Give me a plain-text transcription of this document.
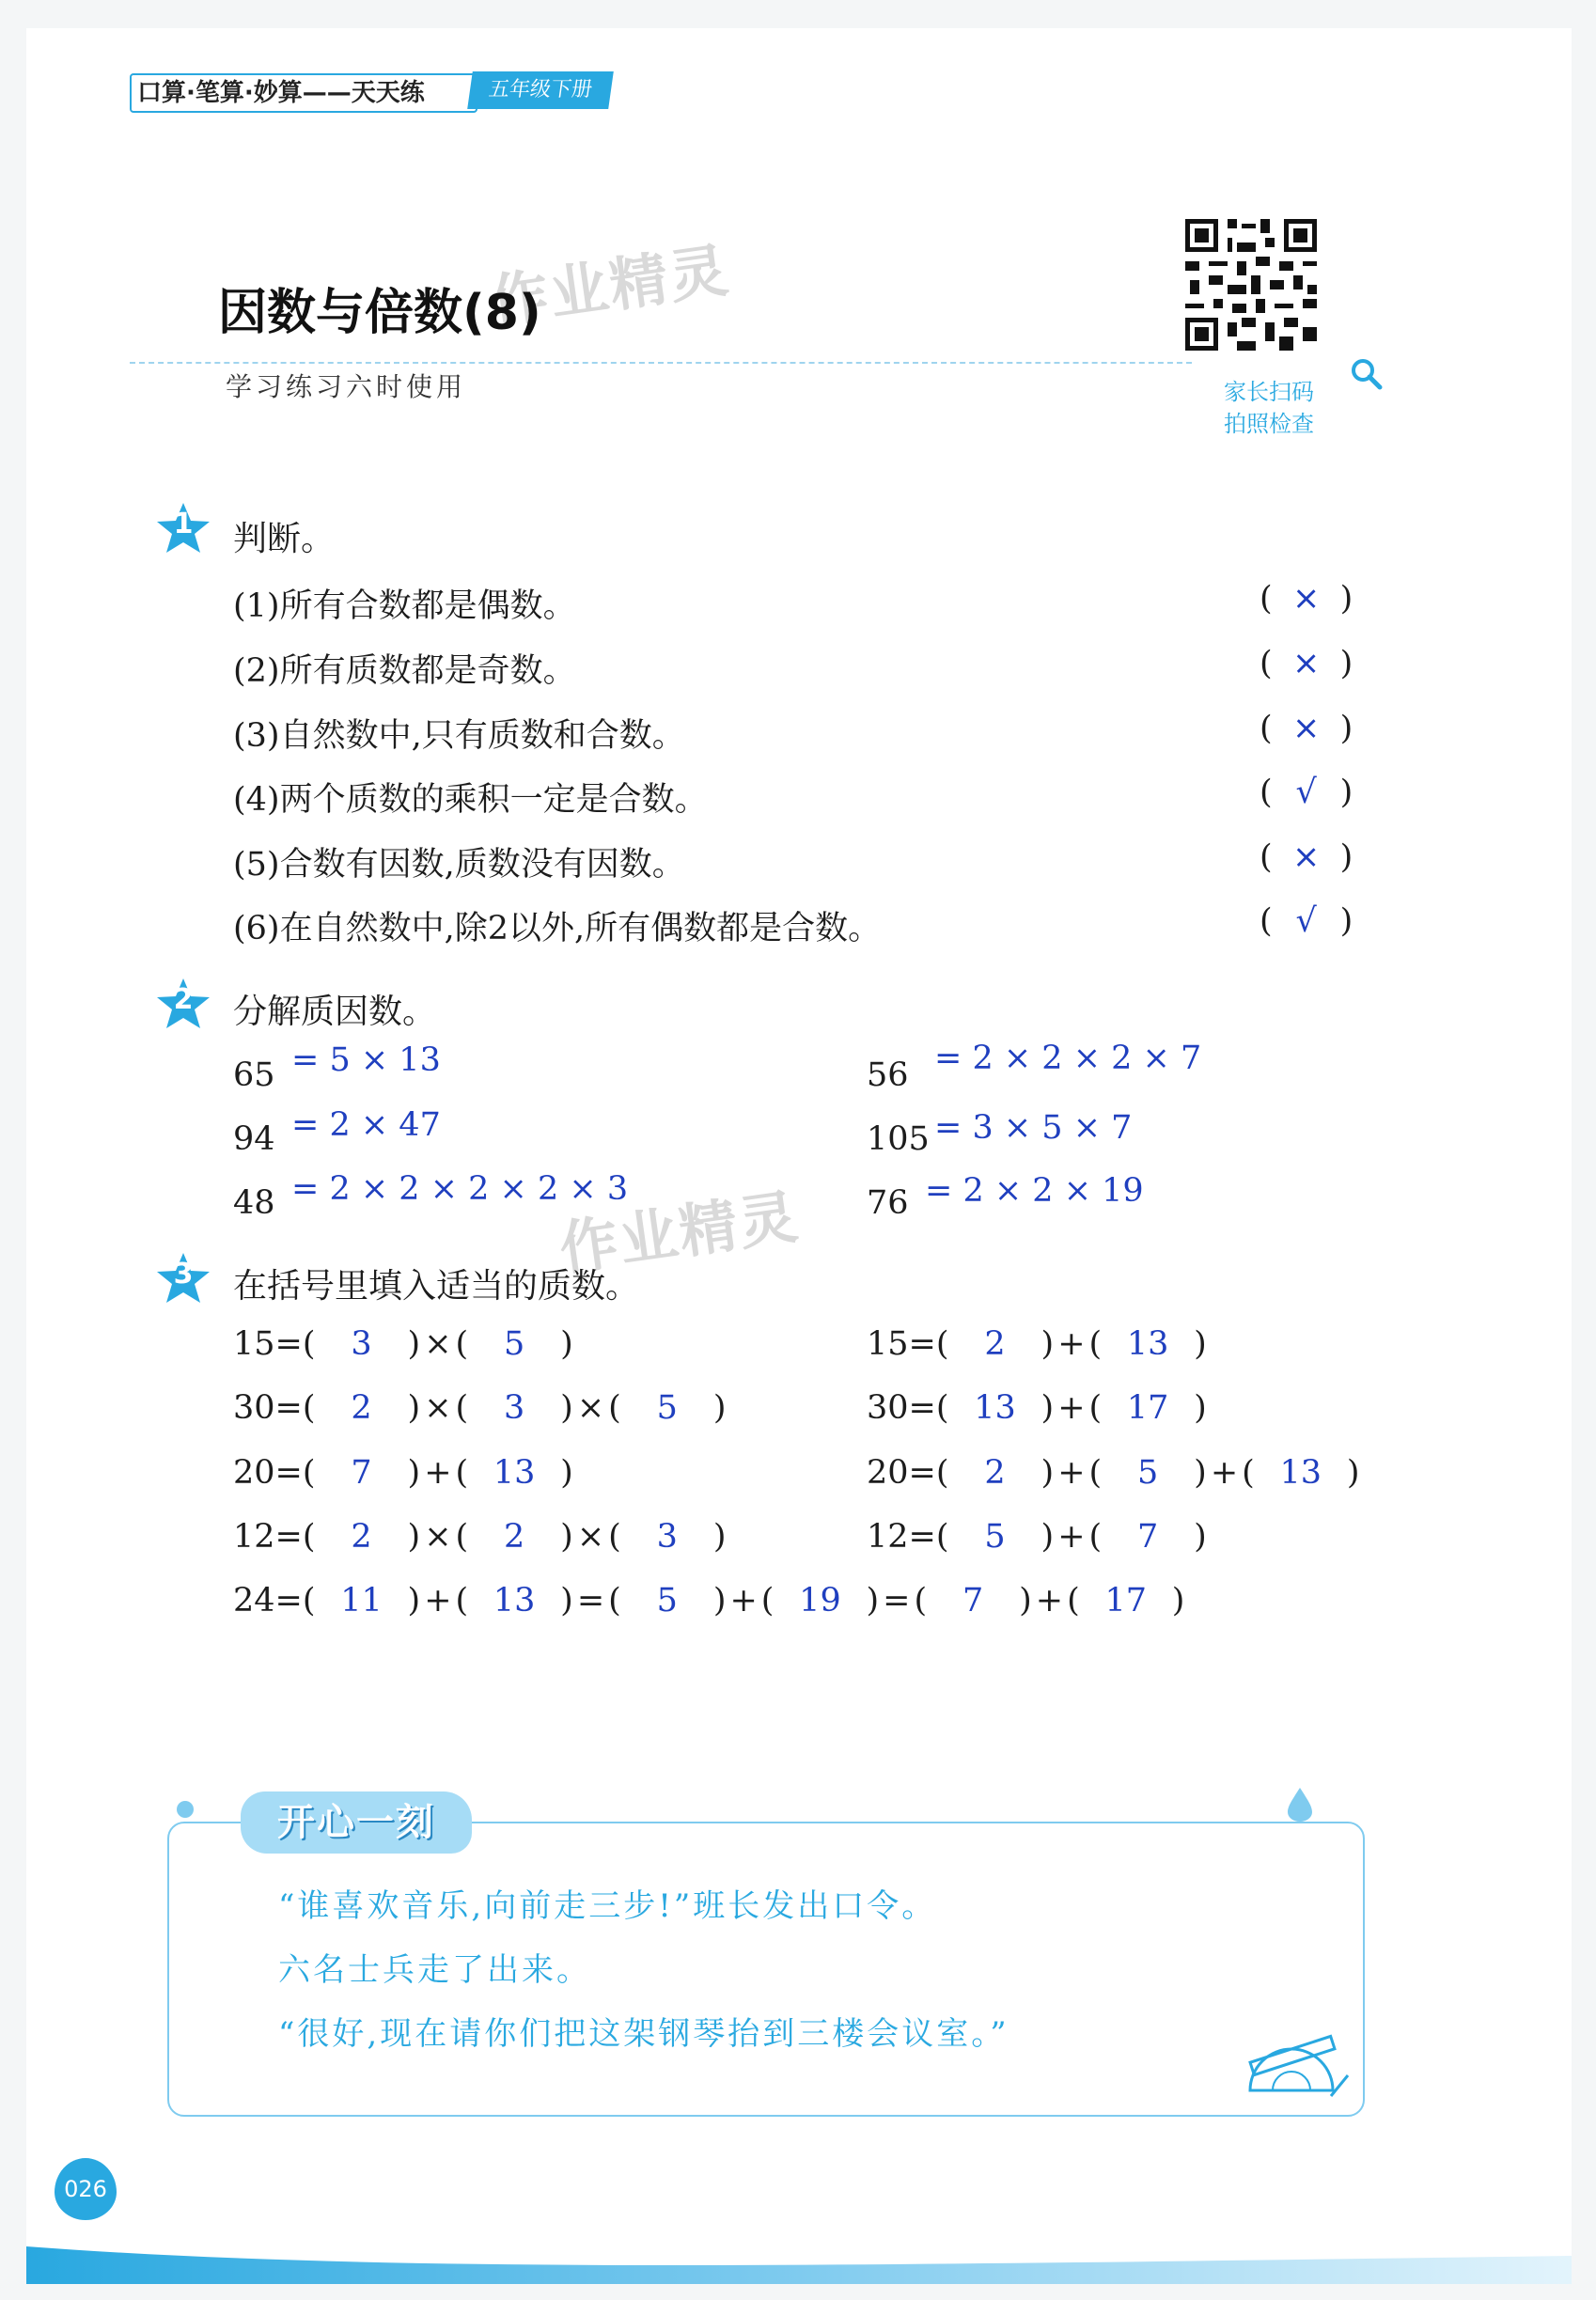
口算·笔算·妙算——天天练	五年级下册
作业精灵
因数与倍数(8)
家长扫码
拍照检查
学习练习六时使用
1	判断。
(1)所有合数都是偶数。	( × )
(2)所有质数都是奇数。	( × )
(3)自然数中,只有质数和合数。	( × )
(4)两个质数的乘积一定是合数。	( √ )
(5)合数有因数,质数没有因数。	( × )
(6)在自然数中,除2以外,所有偶数都是合数。	( √ )
2	分解质因数。
65 = 5 × 13	56 = 2 × 2 × 2 × 7
94 = 2 × 47	105 = 3 × 5 × 7
48 = 2 × 2 × 2 × 2 × 3	76 = 2 × 2 × 19
作业精灵
3	在括号里填入适当的质数。
15=( 3 ) × ( 5 )	15=( 2 ) + ( 13 )
30=( 2 ) × ( 3 ) × ( 5 )	30=( 13 ) + ( 17 )
20=( 7 ) + ( 13 )	20=( 2 ) + ( 5 ) + ( 13 )
12=( 2 ) × ( 2 ) × ( 3 )	12=( 5 ) + ( 7 )
24=( 11 ) + ( 13 ) = ( 5 ) + ( 19 ) = ( 7 ) + ( 17 )
开心一刻
“谁喜欢音乐,向前走三步!”班长发出口令。
六名士兵走了出来。
“很好,现在请你们把这架钢琴抬到三楼会议室。”
026
